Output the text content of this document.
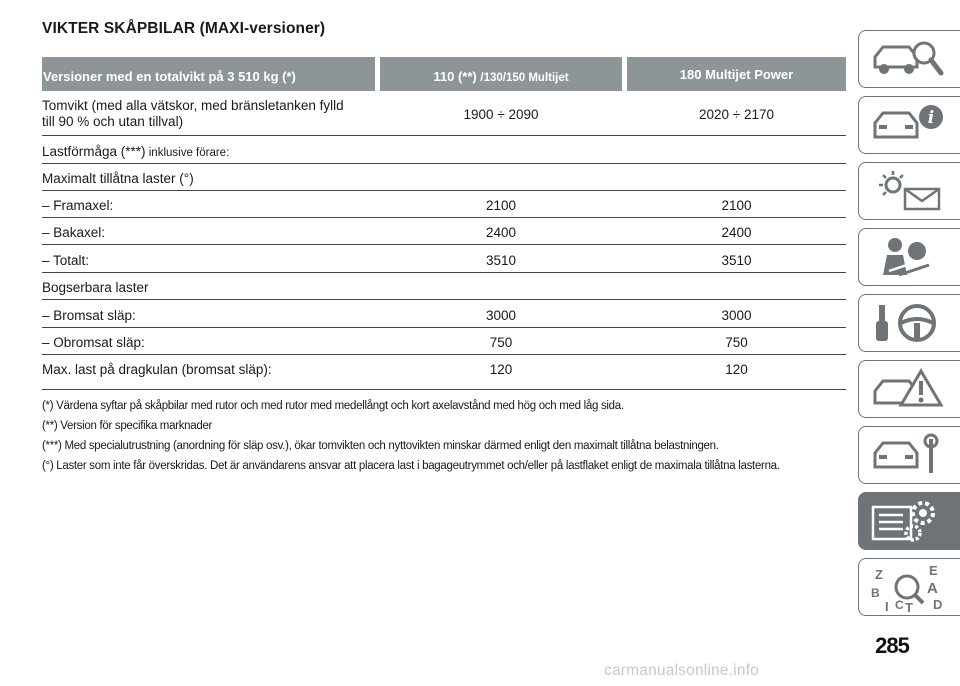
VIKTER SKÅPBILAR (MAXI-versioner)
Versioner med en totalvikt på 3 510 kg (*)	110 (**) /130/150 Multijet	180 Multijet Power
Tomvikt (med alla vätskor, med bränsletanken fylld
till 90 % och utan tillval)	1900 ÷ 2090	2020 ÷ 2170
Lastförmåga (***) inklusive förare:
Maximalt tillåtna laster (°)
– Framaxel:	2100	2100
– Bakaxel:	2400	2400
– Totalt:	3510	3510
Bogserbara laster
– Bromsat släp:	3000	3000
– Obromsat släp:	750	750
Max. last på dragkulan (bromsat släp):	120	120
(*) Värdena syftar på skåpbilar med rutor och med rutor med medellångt och kort axelavstånd med hög och med låg sida.
(**) Version för specifika marknader
(***) Med specialutrustning (anordning för släp osv.), ökar tomvikten och nyttovikten minskar därmed enligt den maximalt tillåtna belastningen.
(°) Laster som inte får överskridas. Det är användarens ansvar att placera last i bagageutrymmet och/eller på lastflaket enligt de maximala tillåtna lasterna.
i
Z	E
B	A
C T D
I
285
carmanualsonline.info
